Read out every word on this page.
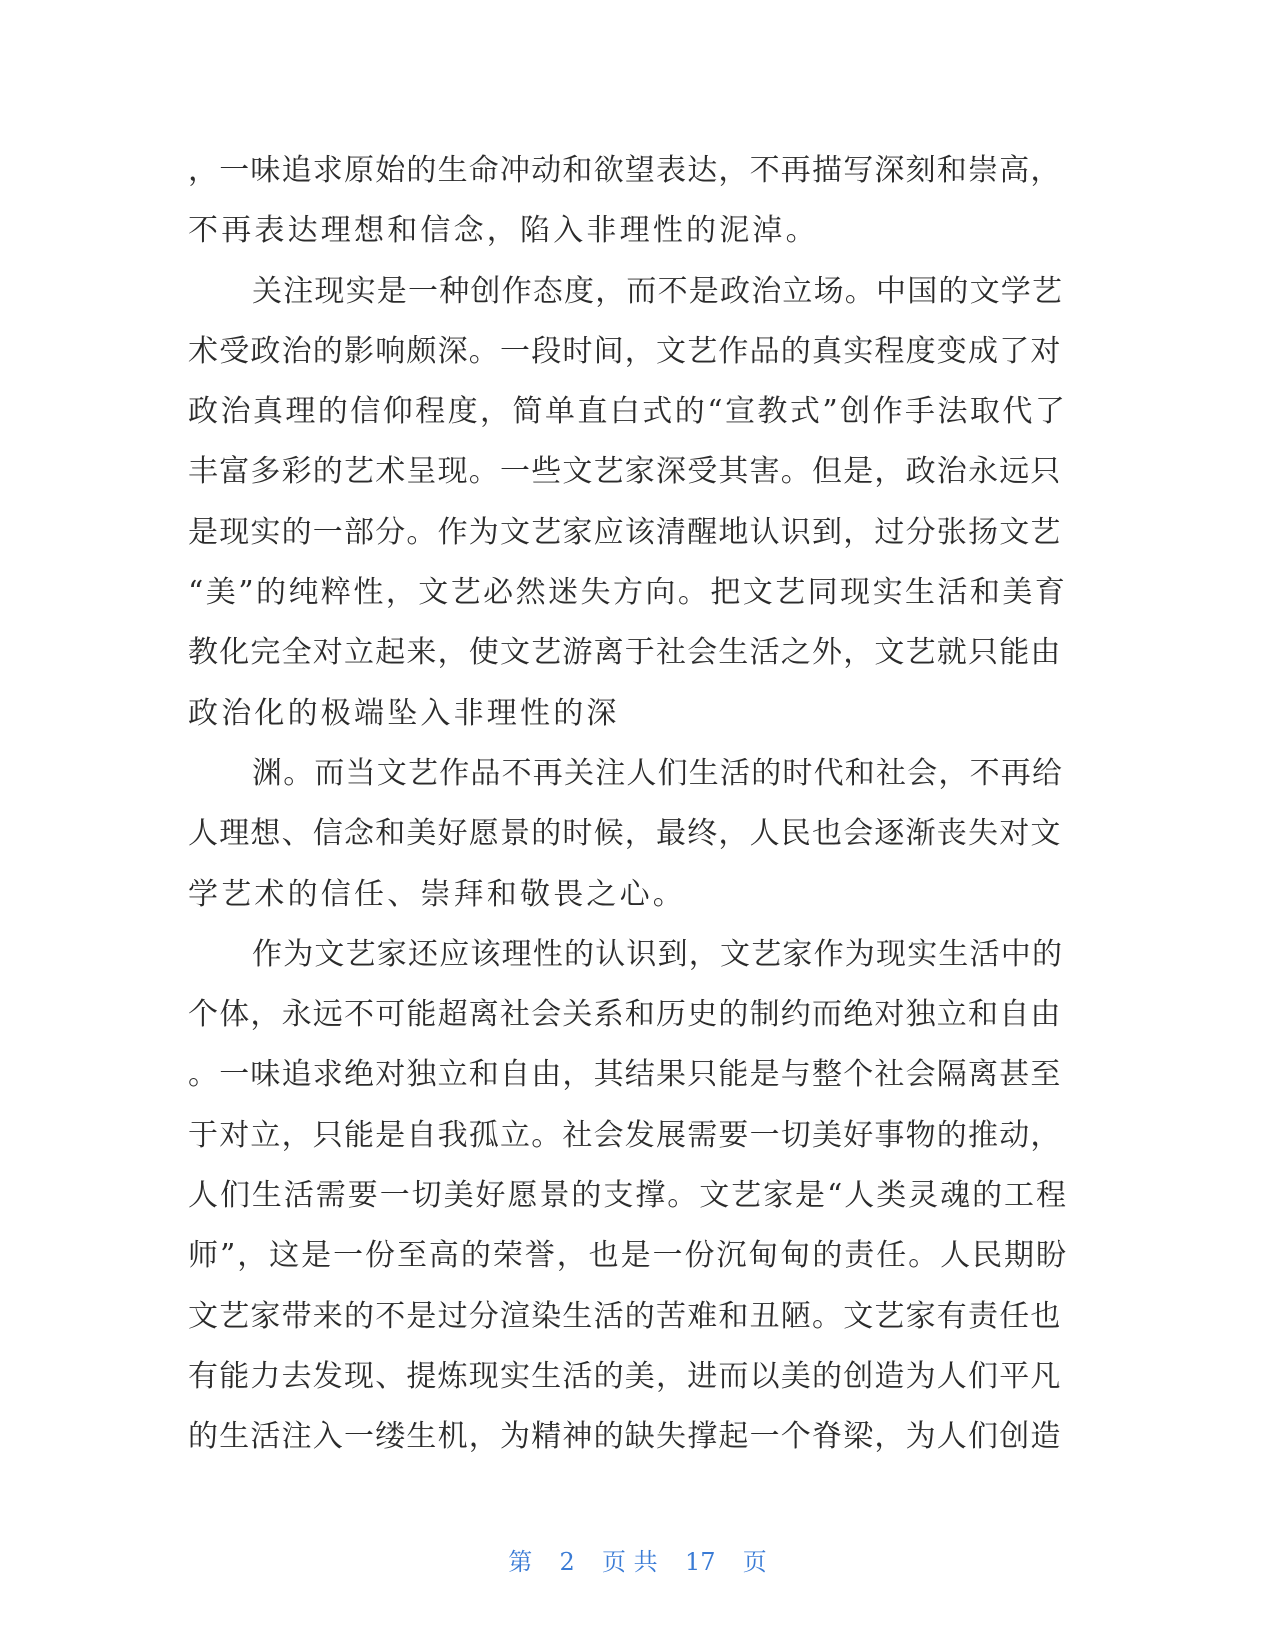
，一味追求原始的生命冲动和欲望表达，不再描写深刻和崇高，
不再表达理想和信念，陷入非理性的泥淖。
关注现实是一种创作态度，而不是政治立场。中国的文学艺
术受政治的影响颇深。一段时间，文艺作品的真实程度变成了对
政治真理的信仰程度，简单直白式的“宣教式”创作手法取代了
丰富多彩的艺术呈现。一些文艺家深受其害。但是，政治永远只
是现实的一部分。作为文艺家应该清醒地认识到，过分张扬文艺
“美”的纯粹性，文艺必然迷失方向。把文艺同现实生活和美育
教化完全对立起来，使文艺游离于社会生活之外，文艺就只能由
政治化的极端坠入非理性的深
渊。而当文艺作品不再关注人们生活的时代和社会，不再给
人理想、信念和美好愿景的时候，最终，人民也会逐渐丧失对文
学艺术的信任、崇拜和敬畏之心。
作为文艺家还应该理性的认识到，文艺家作为现实生活中的
个体，永远不可能超离社会关系和历史的制约而绝对独立和自由
。一味追求绝对独立和自由，其结果只能是与整个社会隔离甚至
于对立，只能是自我孤立。社会发展需要一切美好事物的推动，
人们生活需要一切美好愿景的支撑。文艺家是“人类灵魂的工程
师”，这是一份至高的荣誉，也是一份沉甸甸的责任。人民期盼
文艺家带来的不是过分渲染生活的苦难和丑陋。文艺家有责任也
有能力去发现、提炼现实生活的美，进而以美的创造为人们平凡
的生活注入一缕生机，为精神的缺失撑起一个脊梁，为人们创造
第 2 页 共 17 页
